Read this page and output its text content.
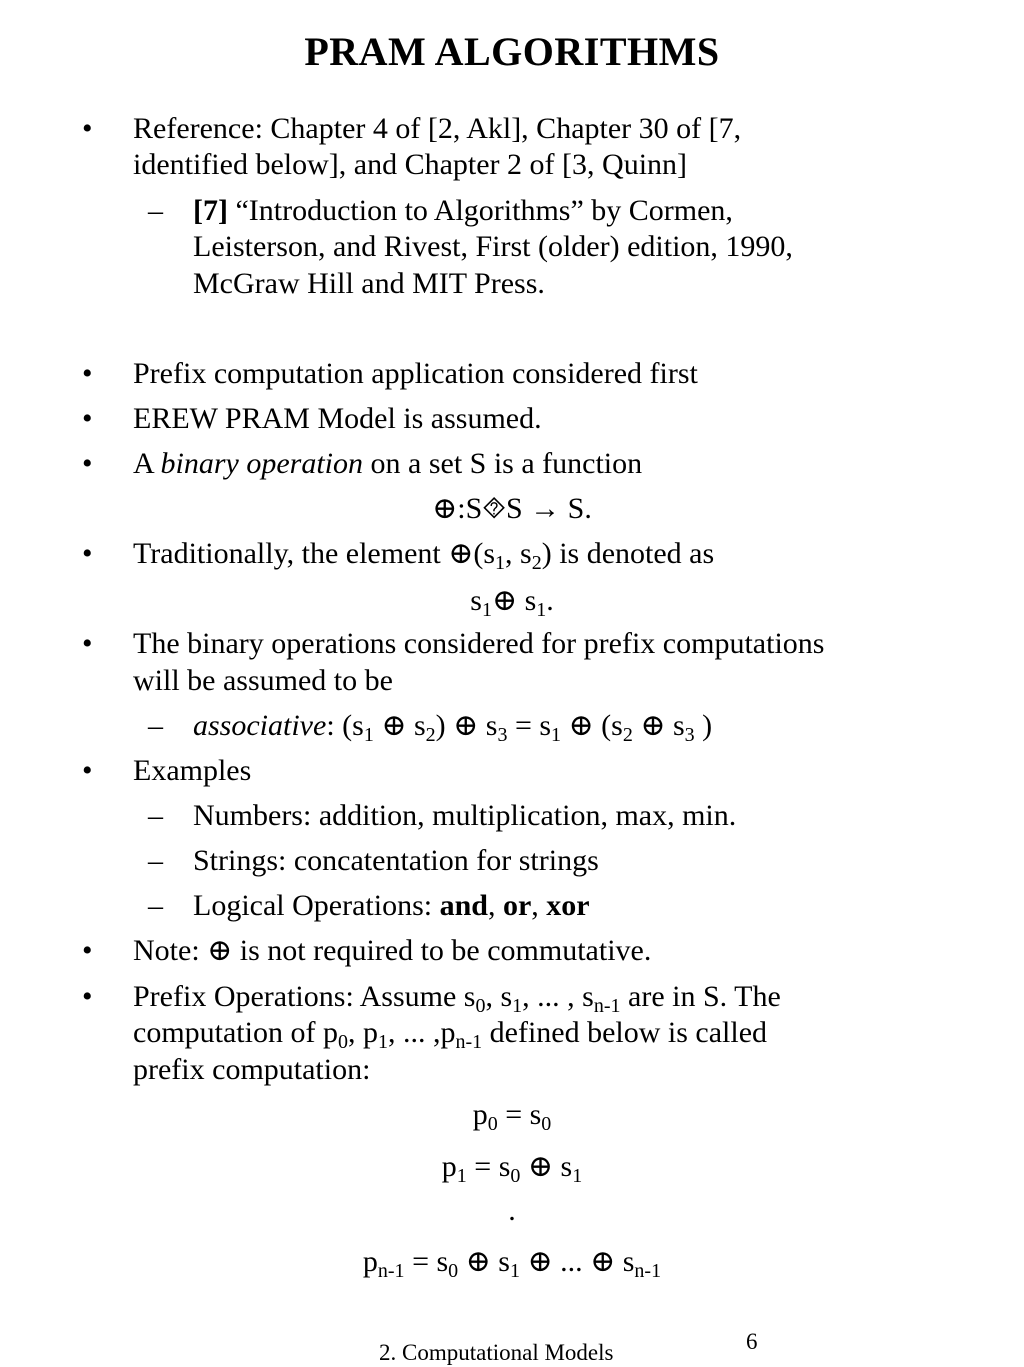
PRAM ALGORITHMS
• Reference: Chapter 4 of [2, Akl], Chapter 30 of [7,
identified below], and Chapter 2 of [3, Quinn]
– [7] “Introduction to Algorithms” by Cormen,
Leisterson, and Rivest, First (older) edition, 1990,
McGraw Hill and MIT Press.
• Prefix computation application considered first
• EREW PRAM Model is assumed.
• A binary operation on a set S is a function
⊕:S⯑S → S.
• Traditionally, the element $\oplus(s_1$, $s_2$) is denoted as
$s_1\oplus$ $s_1$.
• The binary operations considered for prefix computations
will be assumed to be
– associative: ($s_1$ ⊕ $s_2$) ⊕ $s_3 = s_1$ ⊕ ($s_2$ ⊕ $s_3$ )
• Examples
– Numbers: addition, multiplication, max, min.
– Strings: concatentation for strings
– Logical Operations: and, or, xor
• Note: ⊕ is not required to be commutative.
• Prefix Operations: Assume $s_0$, $s_1$, ... , $s_{n-1}$ are in S. The
computation of $p_0$, $p_1$, ... $,p_{n-1}$ defined below is called
prefix computation:
$p_0 = s_0$
$p_1 = s_0$ ⊕ $s_1$
.
$p_{n-1} = s_0$ ⊕ $s_1$ ⊕ ... ⊕ $s_{n-1}$
2. Computational Models	6
